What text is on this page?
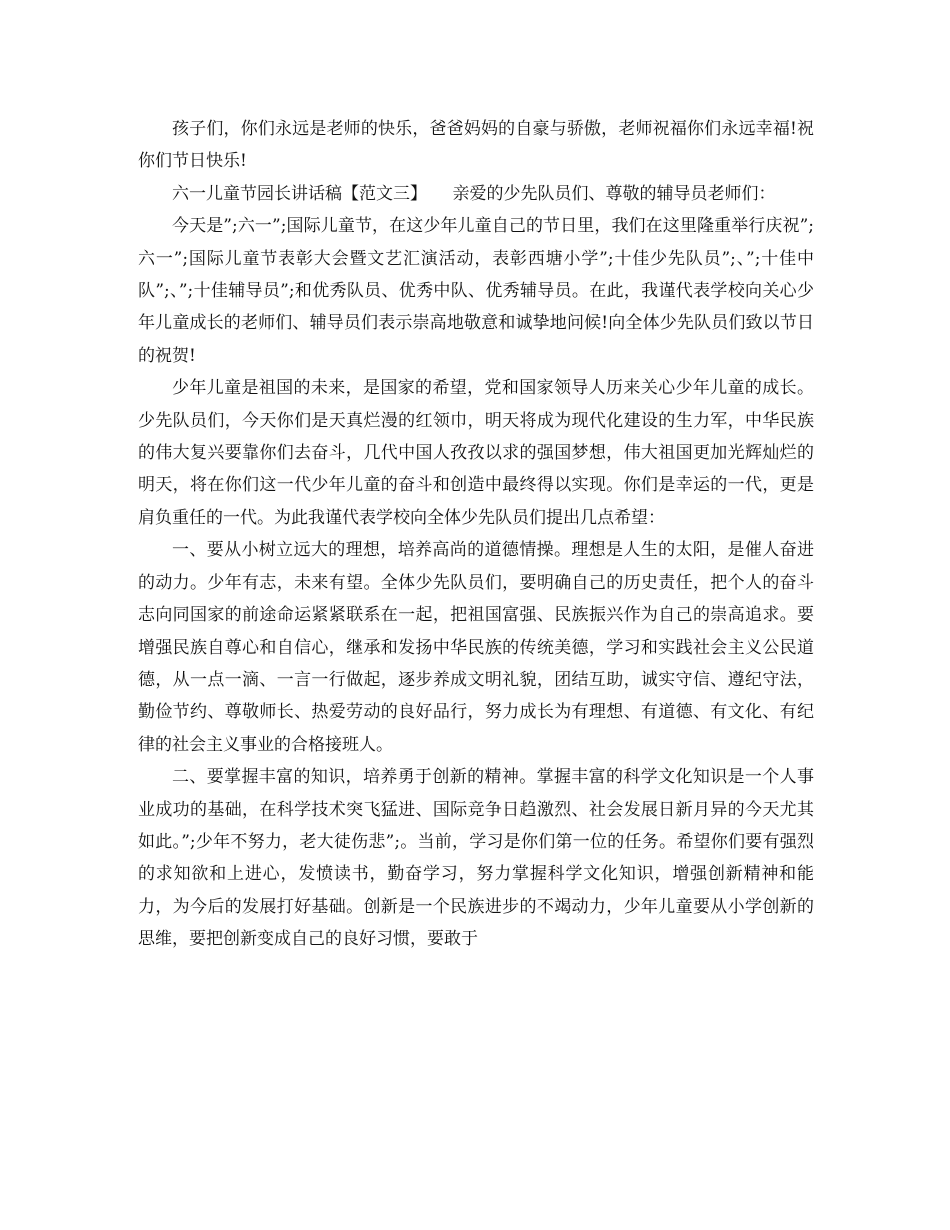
孩子们，你们永远是老师的快乐，爸爸妈妈的自豪与骄傲，老师祝福你们永远幸福!祝你们节日快乐!

六一儿童节园长讲话稿【范文三】　　亲爱的少先队员们、尊敬的辅导员老师们：

今天是”;六一”;国际儿童节，在这少年儿童自己的节日里，我们在这里隆重举行庆祝”;六一”;国际儿童节表彰大会暨文艺汇演活动，表彰西塘小学”;十佳少先队员”;、”;十佳中队”;、”;十佳辅导员”;和优秀队员、优秀中队、优秀辅导员。在此，我谨代表学校向关心少年儿童成长的老师们、辅导员们表示崇高地敬意和诚挚地问候!向全体少先队员们致以节日的祝贺!

少年儿童是祖国的未来，是国家的希望，党和国家领导人历来关心少年儿童的成长。少先队员们，今天你们是天真烂漫的红领巾，明天将成为现代化建设的生力军，中华民族的伟大复兴要靠你们去奋斗，几代中国人孜孜以求的强国梦想，伟大祖国更加光辉灿烂的明天，将在你们这一代少年儿童的奋斗和创造中最终得以实现。你们是幸运的一代，更是肩负重任的一代。为此我谨代表学校向全体少先队员们提出几点希望：

一、要从小树立远大的理想，培养高尚的道德情操。理想是人生的太阳，是催人奋进的动力。少年有志，未来有望。全体少先队员们，要明确自己的历史责任，把个人的奋斗志向同国家的前途命运紧紧联系在一起，把祖国富强、民族振兴作为自己的崇高追求。要增强民族自尊心和自信心，继承和发扬中华民族的传统美德，学习和实践社会主义公民道德，从一点一滴、一言一行做起，逐步养成文明礼貌，团结互助，诚实守信、遵纪守法，勤俭节约、尊敬师长、热爱劳动的良好品行，努力成长为有理想、有道德、有文化、有纪律的社会主义事业的合格接班人。

二、要掌握丰富的知识，培养勇于创新的精神。掌握丰富的科学文化知识是一个人事业成功的基础，在科学技术突飞猛进、国际竞争日趋激烈、社会发展日新月异的今天尤其如此。”;少年不努力，老大徒伤悲”;。当前，学习是你们第一位的任务。希望你们要有强烈的求知欲和上进心，发愤读书，勤奋学习，努力掌握科学文化知识，增强创新精神和能力，为今后的发展打好基础。创新是一个民族进步的不竭动力，少年儿童要从小学创新的思维，要把创新变成自己的良好习惯，要敢于
